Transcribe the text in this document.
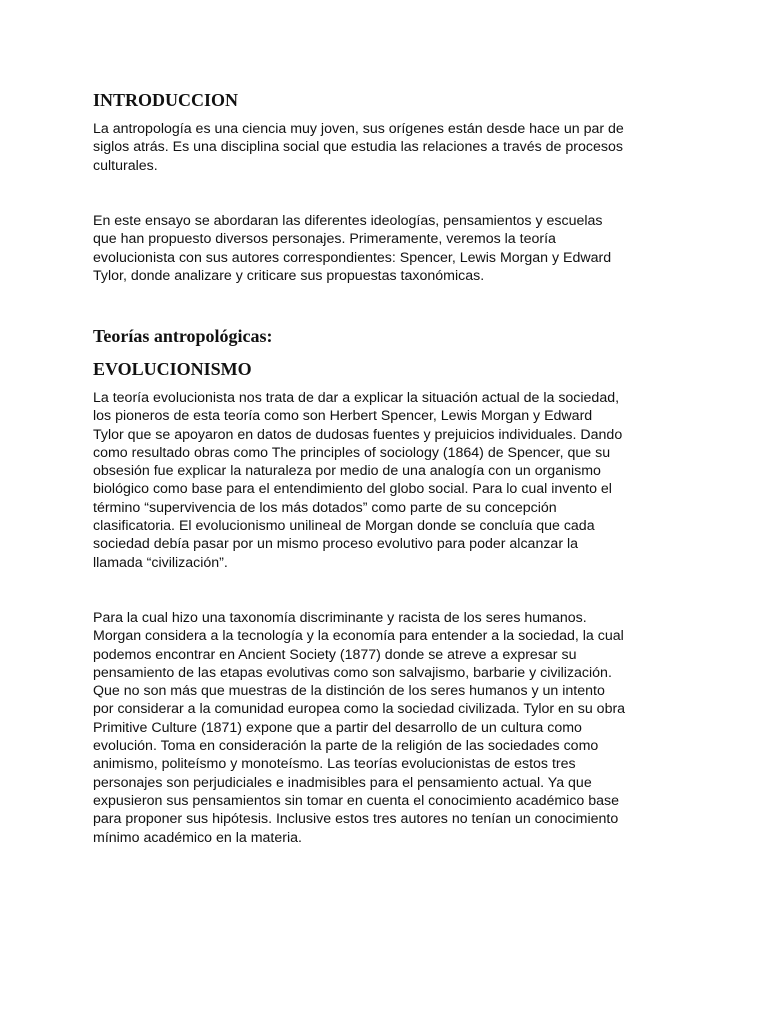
INTRODUCCION
La antropología es una ciencia muy joven, sus orígenes están desde hace un par de
siglos atrás. Es una disciplina social que estudia las relaciones a través de procesos
culturales.
En este ensayo se abordaran las diferentes ideologías, pensamientos y escuelas
que han propuesto diversos personajes. Primeramente, veremos la teoría
evolucionista con sus autores correspondientes: Spencer, Lewis Morgan y Edward
Tylor, donde analizare y criticare sus propuestas taxonómicas.
Teorías antropológicas:
EVOLUCIONISMO
La teoría evolucionista nos trata de dar a explicar la situación actual de la sociedad,
los pioneros de esta teoría como son Herbert Spencer, Lewis Morgan y Edward
Tylor que se apoyaron en datos de dudosas fuentes y prejuicios individuales. Dando
como resultado obras como The principles of sociology (1864) de Spencer, que su
obsesión fue explicar la naturaleza por medio de una analogía con un organismo
biológico como base para el entendimiento del globo social. Para lo cual invento el
término “supervivencia de los más dotados” como parte de su concepción
clasificatoria. El evolucionismo unilineal de Morgan donde se concluía que cada
sociedad debía pasar por un mismo proceso evolutivo para poder alcanzar la
llamada “civilización”.
Para la cual hizo una taxonomía discriminante y racista de los seres humanos.
Morgan considera a la tecnología y la economía para entender a la sociedad, la cual
podemos encontrar en Ancient Society (1877) donde se atreve a expresar su
pensamiento de las etapas evolutivas como son salvajismo, barbarie y civilización.
Que no son más que muestras de la distinción de los seres humanos y un intento
por considerar a la comunidad europea como la sociedad civilizada. Tylor en su obra
Primitive Culture (1871) expone que a partir del desarrollo de un cultura como
evolución. Toma en consideración la parte de la religión de las sociedades como
animismo, politeísmo y monoteísmo. Las teorías evolucionistas de estos tres
personajes son perjudiciales e inadmisibles para el pensamiento actual. Ya que
expusieron sus pensamientos sin tomar en cuenta el conocimiento académico base
para proponer sus hipótesis. Inclusive estos tres autores no tenían un conocimiento
mínimo académico en la materia.
